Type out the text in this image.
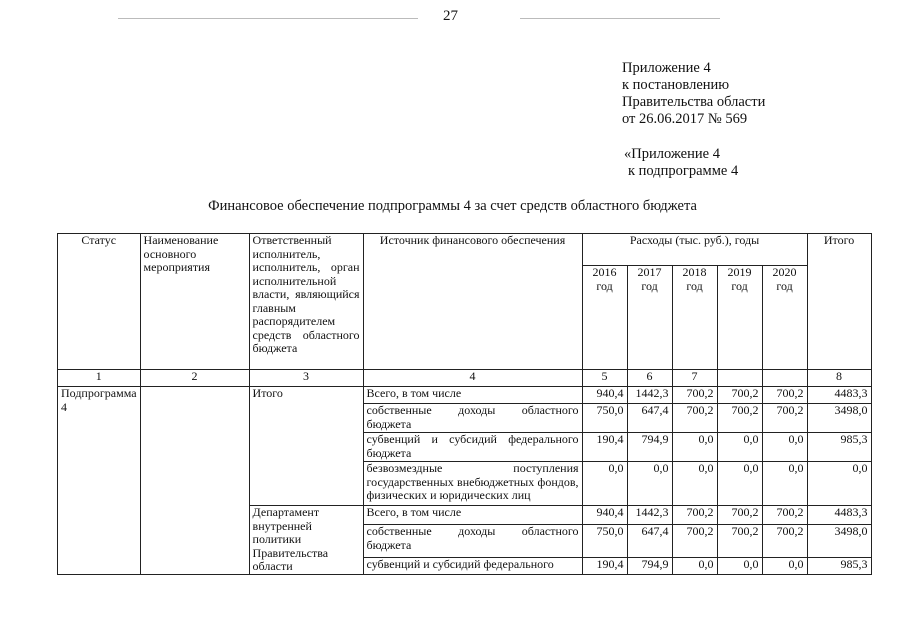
27
Приложение 4
к постановлению
Правительства области
от 26.06.2017 № 569
«Приложение 4
к подпрограмме 4
Финансовое обеспечение подпрограммы 4 за счет средств областного бюджета
Статус	Наименование основного мероприятия	Ответственный исполнитель, исполнитель, орган исполнительной власти, являющийся главным распорядителем средств областного бюджета	Источник финансового обеспечения	Расходы (тыс. руб.), годы					Итого
				2016 год	2017 год	2018 год	2019 год	2020 год	
1	2	3	4	5	6	7			8
Подпрограмма 4		Итого	Всего, в том числе	940,4	1442,3	700,2	700,2	700,2	4483,3
			собственные доходы областного бюджета	750,0	647,4	700,2	700,2	700,2	3498,0
			субвенций и субсидий федерального бюджета	190,4	794,9	0,0	0,0	0,0	985,3
			безвозмездные поступления государственных внебюджетных фондов, физических и юридических лиц	0,0	0,0	0,0	0,0	0,0	0,0
		Департамент внутренней политики Правительства области	Всего, в том числе	940,4	1442,3	700,2	700,2	700,2	4483,3
			собственные доходы областного бюджета	750,0	647,4	700,2	700,2	700,2	3498,0
			субвенций и субсидий федерального	190,4	794,9	0,0	0,0	0,0	985,3
